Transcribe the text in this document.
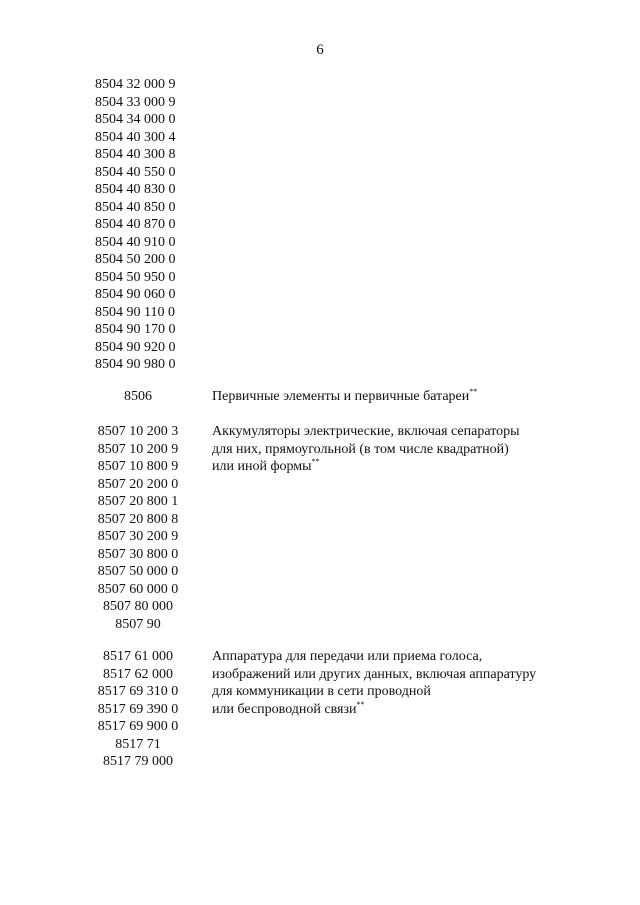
6
8504 32 000 9
8504 33 000 9
8504 34 000 0
8504 40 300 4
8504 40 300 8
8504 40 550 0
8504 40 830 0
8504 40 850 0
8504 40 870 0
8504 40 910 0
8504 50 200 0
8504 50 950 0
8504 90 060 0
8504 90 110 0
8504 90 170 0
8504 90 920 0
8504 90 980 0
8506	Первичные элементы и первичные батареи**
8507 10 200 3
8507 10 200 9
8507 10 800 9
8507 20 200 0
8507 20 800 1
8507 20 800 8
8507 30 200 9
8507 30 800 0
8507 50 000 0
8507 60 000 0
8507 80 000
8507 90
Аккумуляторы электрические, включая сепараторы
для них, прямоугольной (в том числе квадратной)
или иной формы**
8517 61 000
8517 62 000
8517 69 310 0
8517 69 390 0
8517 69 900 0
8517 71
8517 79 000
Аппаратура для передачи или приема голоса,
изображений или других данных, включая аппаратуру
для коммуникации в сети проводной
или беспроводной связи**
